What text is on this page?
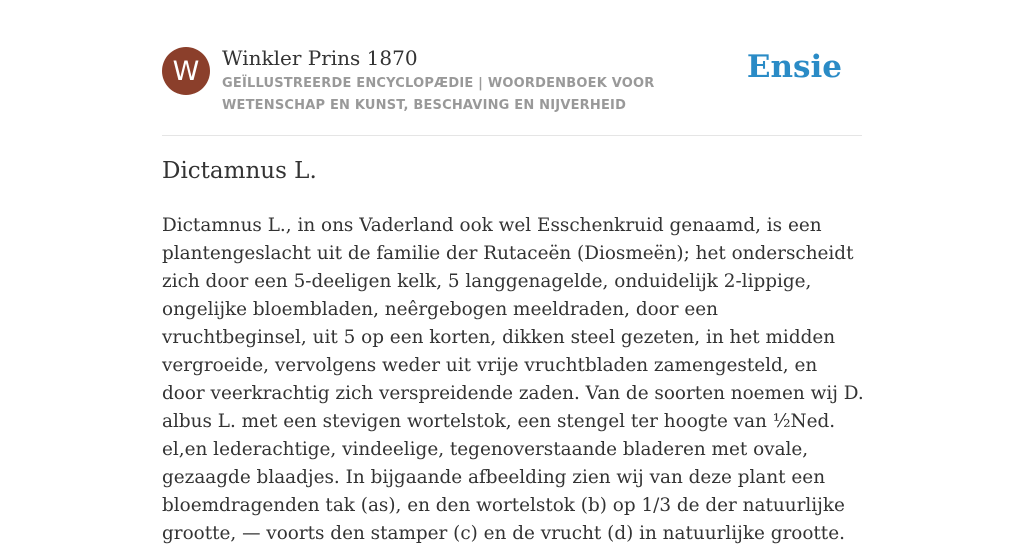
W	Winkler Prins 1870
GEÏLLUSTREERDE ENCYCLOPÆDIE | WOORDENBOEK VOOR WETENSCHAP EN KUNST, BESCHAVING EN NIJVERHEID
Ensie
Dictamnus L.

Dictamnus L., in ons Vaderland ook wel Esschenkruid genaamd, is een plantengeslacht uit de familie der Rutaceën (Diosmeën); het onderscheidt zich door een 5-deeligen kelk, 5 langgenagelde, onduidelijk 2-lippige, ongelijke bloembladen, neêrgebogen meeldraden, door een vruchtbeginsel, uit 5 op een korten, dikken steel gezeten, in het midden vergroeide, vervolgens weder uit vrije vruchtbladen zamengesteld, en door veerkrachtig zich verspreidende zaden. Van de soorten noemen wij D. albus L. met een stevigen wortelstok, een stengel ter hoogte van ½Ned. el,en lederachtige, vindeelige, tegenoverstaande bladeren met ovale, gezaagde blaadjes. In bijgaande afbeelding zien wij van deze plant een bloemdragenden tak (as), en den wortelstok (b) op 1/3 de der natuurlijke grootte, — voorts den stamper (c) en de vrucht (d) in natuurlijke grootte.
